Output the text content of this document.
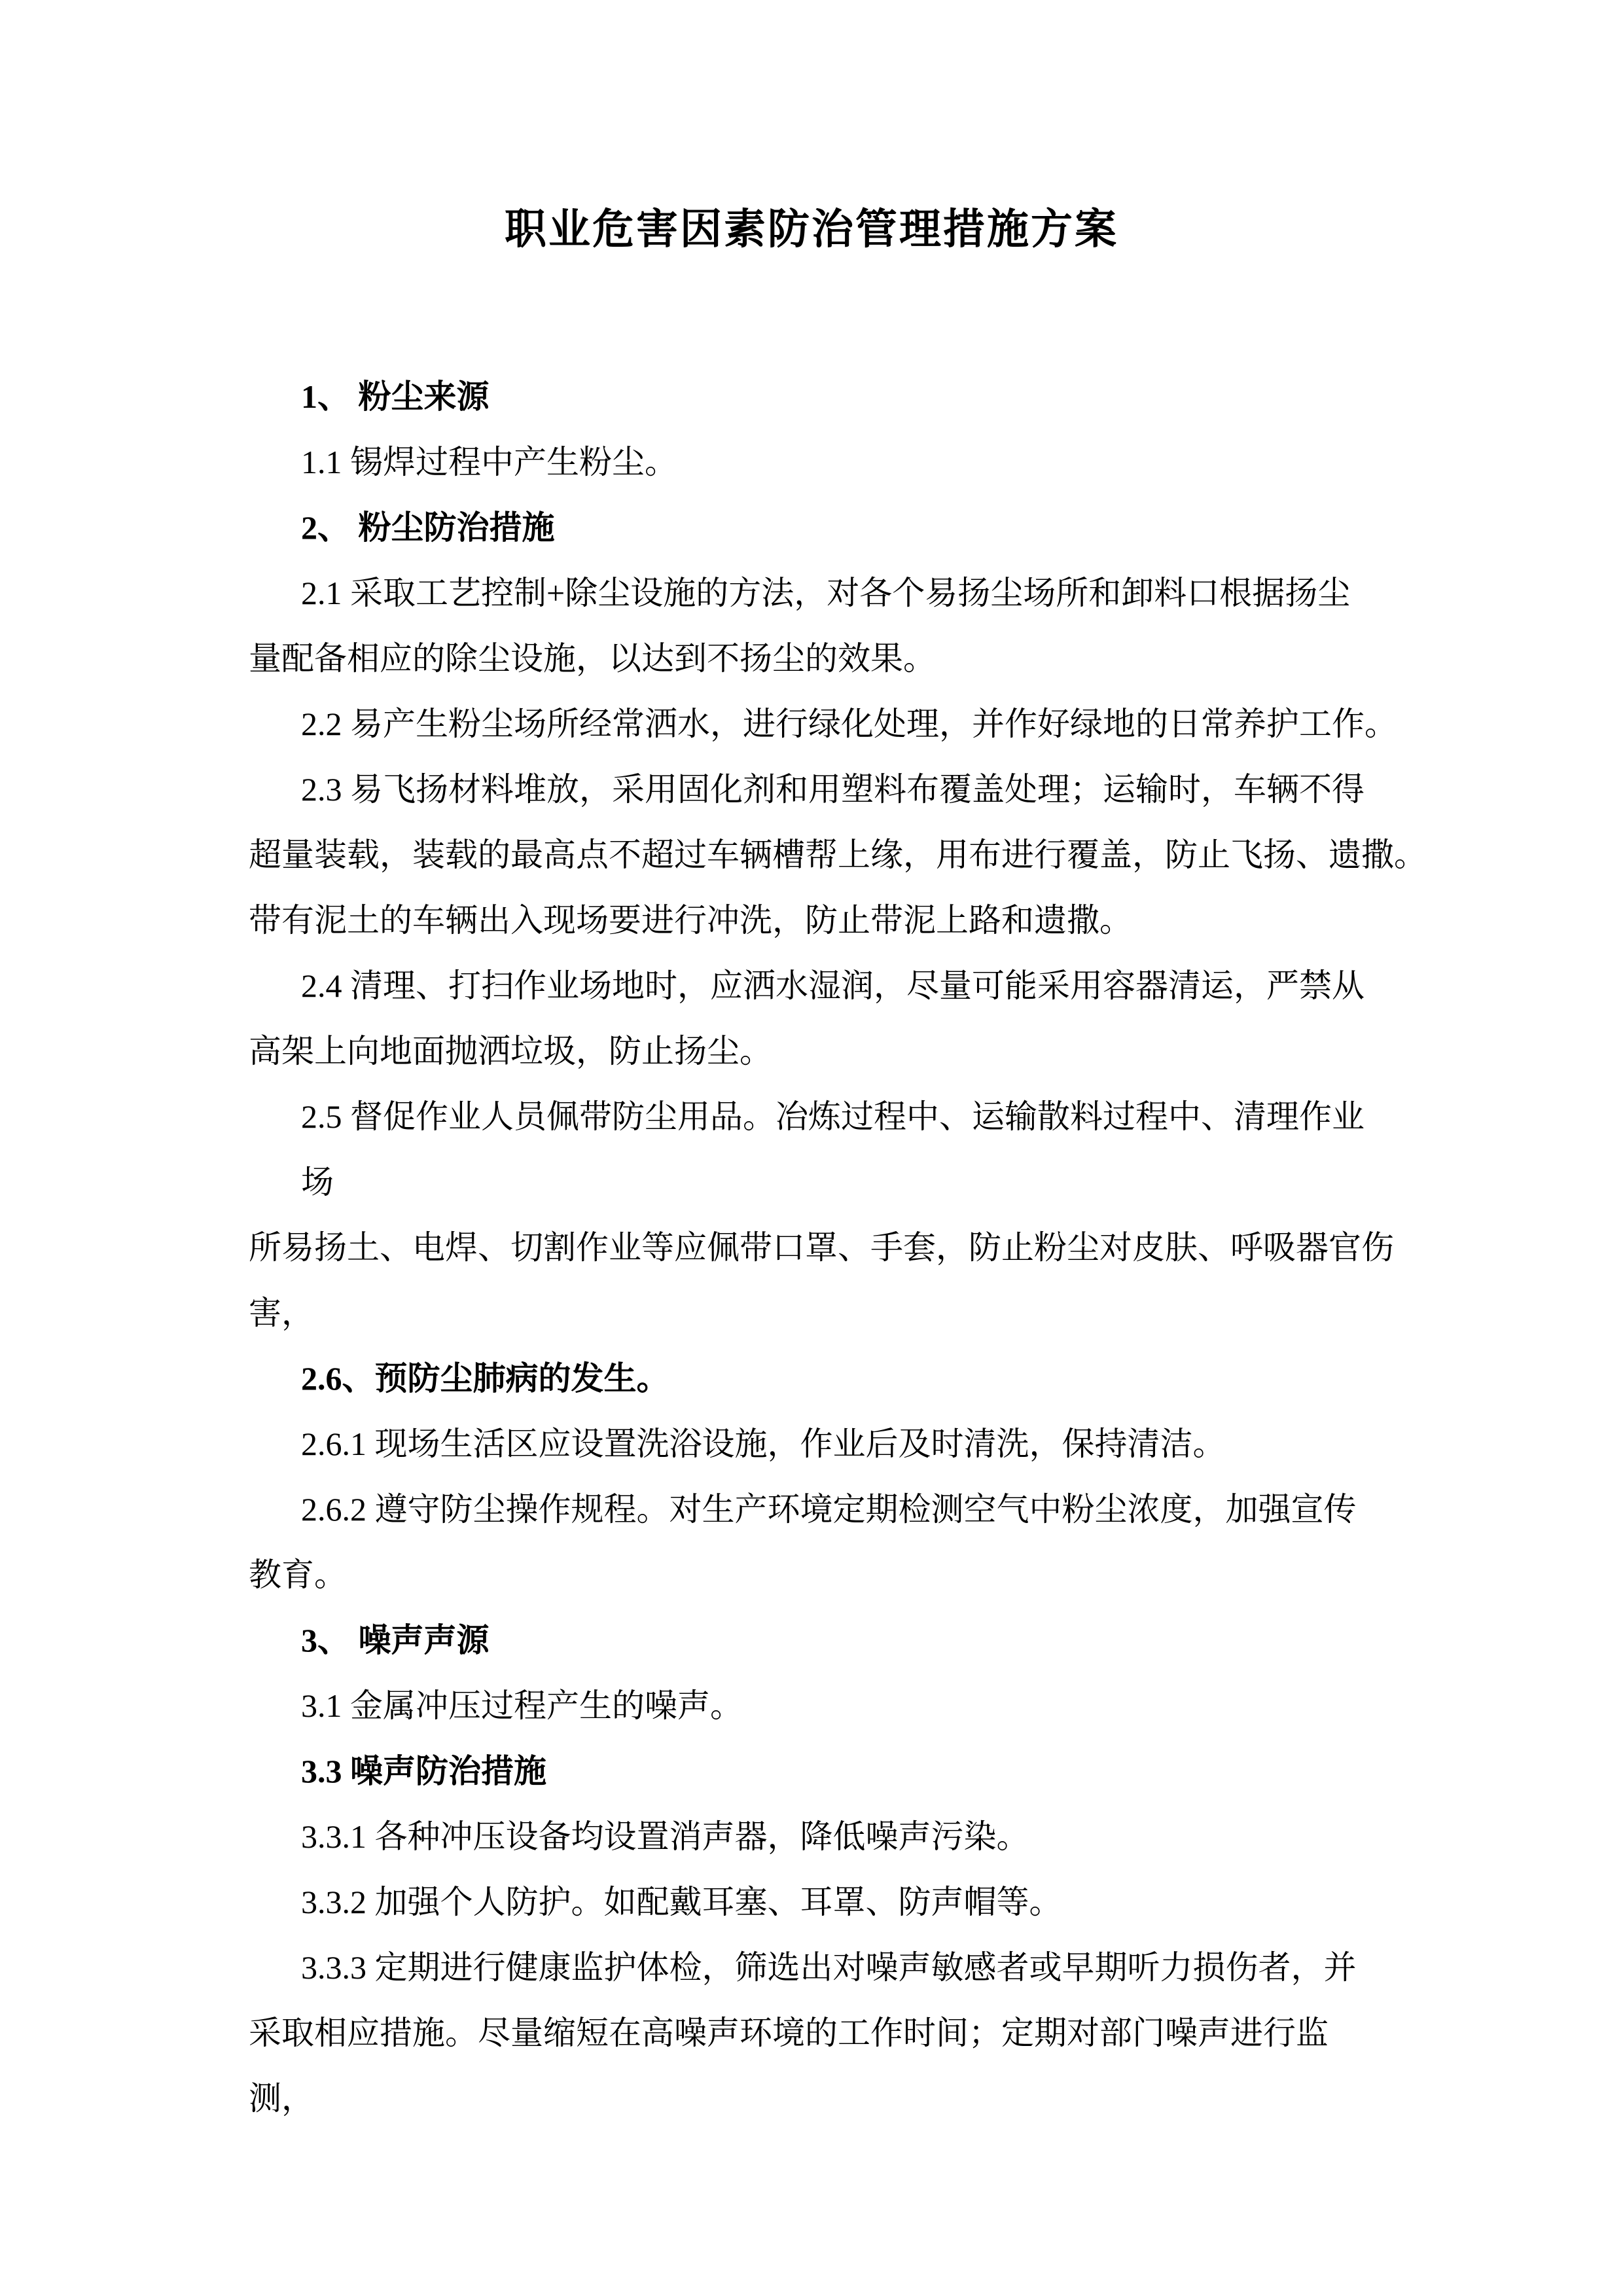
职业危害因素防治管理措施方案
1、 粉尘来源
1.1 锡焊过程中产生粉尘。
2、 粉尘防治措施
2.1 采取工艺控制+除尘设施的方法，对各个易扬尘场所和卸料口根据扬尘
量配备相应的除尘设施，以达到不扬尘的效果。
2.2 易产生粉尘场所经常洒水，进行绿化处理，并作好绿地的日常养护工作。
2.3 易飞扬材料堆放，采用固化剂和用塑料布覆盖处理；运输时，车辆不得
超量装载，装载的最高点不超过车辆槽帮上缘，用布进行覆盖，防止飞扬、遗撒。
带有泥土的车辆出入现场要进行冲洗，防止带泥上路和遗撒。
2.4 清理、打扫作业场地时，应洒水湿润，尽量可能采用容器清运，严禁从
高架上向地面抛洒垃圾，防止扬尘。
2.5 督促作业人员佩带防尘用品。冶炼过程中、运输散料过程中、清理作业
场
所易扬土、电焊、切割作业等应佩带口罩、手套，防止粉尘对皮肤、呼吸器官伤
害，
2.6、预防尘肺病的发生。
2.6.1 现场生活区应设置洗浴设施，作业后及时清洗，保持清洁。
2.6.2 遵守防尘操作规程。对生产环境定期检测空气中粉尘浓度，加强宣传
教育。
3、 噪声声源
3.1 金属冲压过程产生的噪声。
3.3 噪声防治措施
3.3.1 各种冲压设备均设置消声器，降低噪声污染。
3.3.2 加强个人防护。如配戴耳塞、耳罩、防声帽等。
3.3.3 定期进行健康监护体检，筛选出对噪声敏感者或早期听力损伤者，并
采取相应措施。尽量缩短在高噪声环境的工作时间；定期对部门噪声进行监
测，
